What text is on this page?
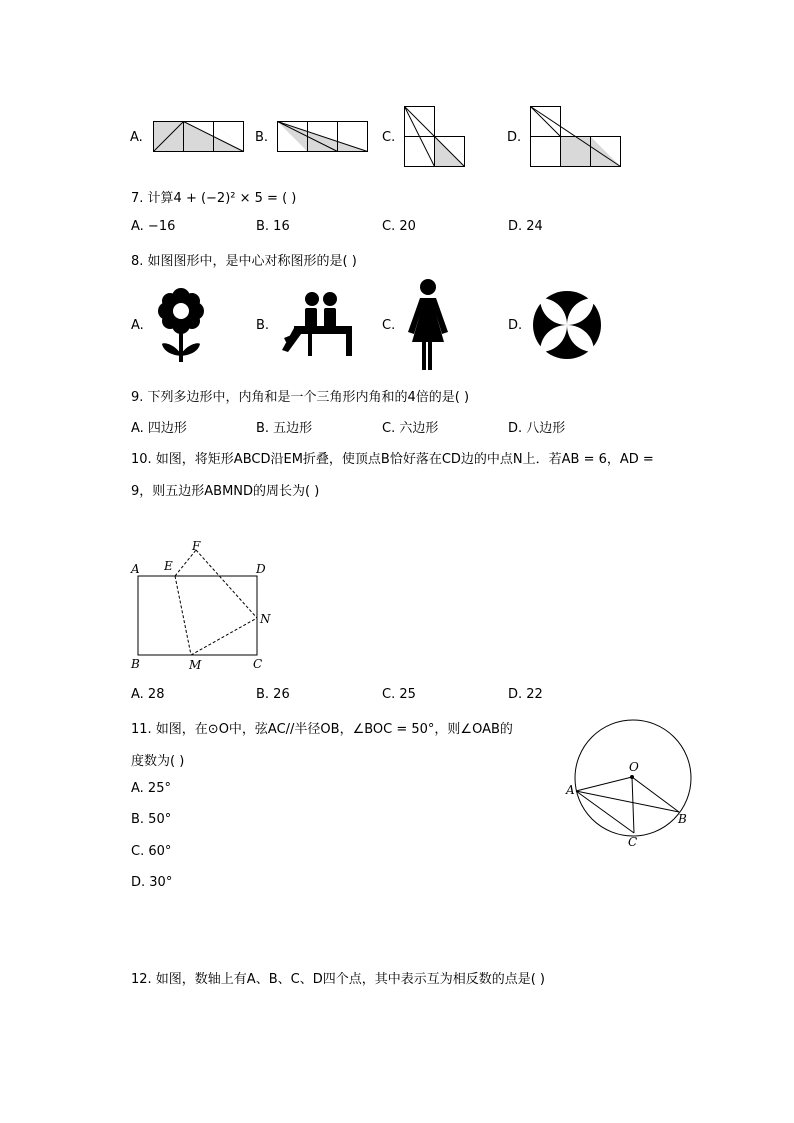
A.	B.	C.	D.
7. 计算4 + (−2)² × 5 = ( )
A. −16	B. 16	C. 20	D. 24
8. 如图图形中，是中心对称图形的是( )
A.	B.	C.	D.
9. 下列多边形中，内角和是一个三角形内角和的4倍的是( )
A. 四边形	B. 五边形	C. 六边形	D. 八边形
10. 如图，将矩形ABCD沿EM折叠，使顶点B恰好落在CD边的中点N上．若AB = 6，AD =
9，则五边形ABMND的周长为( )
A E
F
D
N
B	M	C
A. 28	B. 26	C. 25	D. 22
11. 如图，在⊙O中，弦AC//半径OB，∠BOC = 50°，则∠OAB的
度数为( )
A. 25°
B. 50°
C. 60°
D. 30°
O
A
B
C
12. 如图，数轴上有A、B、C、D四个点，其中表示互为相反数的点是( )
